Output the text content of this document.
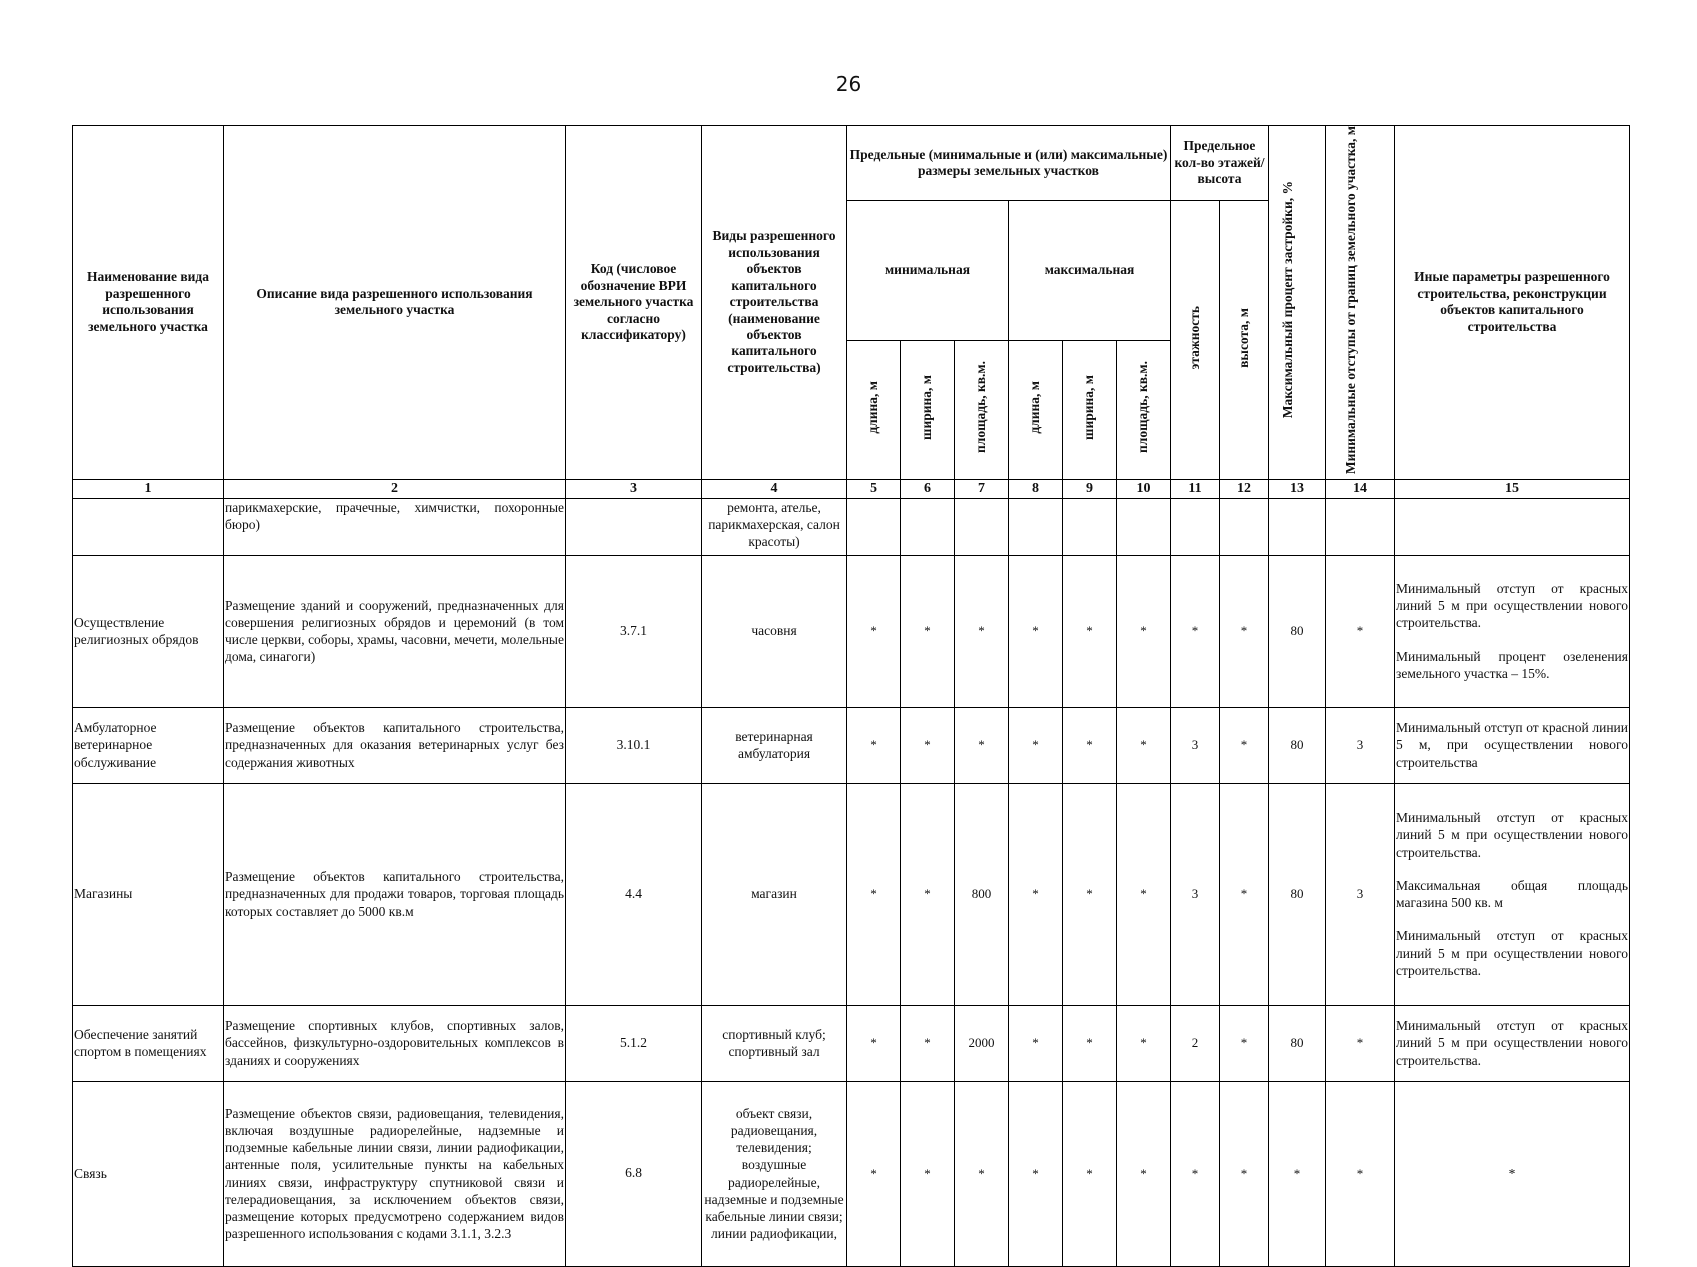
26
Наименование вида разрешенного использования земельного участка	Описание вида разрешенного использования земельного участка	Код (числовое обозначение ВРИ земельного участка согласно классификатору)	Виды разрешенного использования объектов капитального строительства (наименование объектов капитального строительства)	Предельные (минимальные и (или) максимальные) размеры земельных участков						Предельное кол-во этажей/ высота		Максимальный процент застройки, %	Минимальные отступы от границ земельного участка, м	Иные параметры разрешенного строительства, реконструкции объектов капитального строительства
				минимальная			максимальная			этажность	высота, м			
				длина, м	ширина, м	площадь, кв.м.	длина, м	ширина, м	площадь, кв.м.					
1	2	3	4	5	6	7	8	9	10	11	12	13	14	15
	парикмахерские, прачечные, химчистки, похоронные бюро)		ремонта, ателье, парикмахерская, салон красоты)											
Осуществление религиозных обрядов	Размещение зданий и сооружений, предназначенных для совершения религиозных обрядов и церемоний (в том числе церкви, соборы, храмы, часовни, мечети, молельные дома, синагоги)	3.7.1	часовня	*	*	*	*	*	*	*	*	80	*	Минимальный отступ от красных линий 5 м при осуществлении нового строительства.

Минимальный процент озеленения земельного участка – 15%.

Амбулаторное ветеринарное обслуживание	Размещение объектов капитального строительства, предназначенных для оказания ветеринарных услуг без содержания животных	3.10.1	ветеринарная амбулатория	*	*	*	*	*	*	3	*	80	3	Минимальный отступ от красной линии 5 м, при осуществлении нового строительства

Магазины	Размещение объектов капитального строительства, предназначенных для продажи товаров, торговая площадь которых составляет до 5000 кв.м	4.4	магазин	*	*	800	*	*	*	3	*	80	3	Минимальный отступ от красных линий 5 м при осуществлении нового строительства.

Максимальная общая площадь магазина 500 кв. м

Минимальный отступ от красных линий 5 м при осуществлении нового строительства.

Обеспечение занятий спортом в помещениях	Размещение спортивных клубов, спортивных залов, бассейнов, физкультурно-оздоровительных комплексов в зданиях и сооружениях	5.1.2	спортивный клуб; спортивный зал	*	*	2000	*	*	*	2	*	80	*	Минимальный отступ от красных линий 5 м при осуществлении нового строительства.

Связь	Размещение объектов связи, радиовещания, телевидения, включая воздушные радиорелейные, надземные и подземные кабельные линии связи, линии радиофикации, антенные поля, усилительные пункты на кабельных линиях связи, инфраструктуру спутниковой связи и телерадиовещания, за исключением объектов связи, размещение которых предусмотрено содержанием видов разрешенного использования с кодами 3.1.1, 3.2.3	6.8	объект связи, радиовещания, телевидения; воздушные радиорелейные, надземные и подземные кабельные линии связи; линии радиофикации,	*	*	*	*	*	*	*	*	*	*	*
